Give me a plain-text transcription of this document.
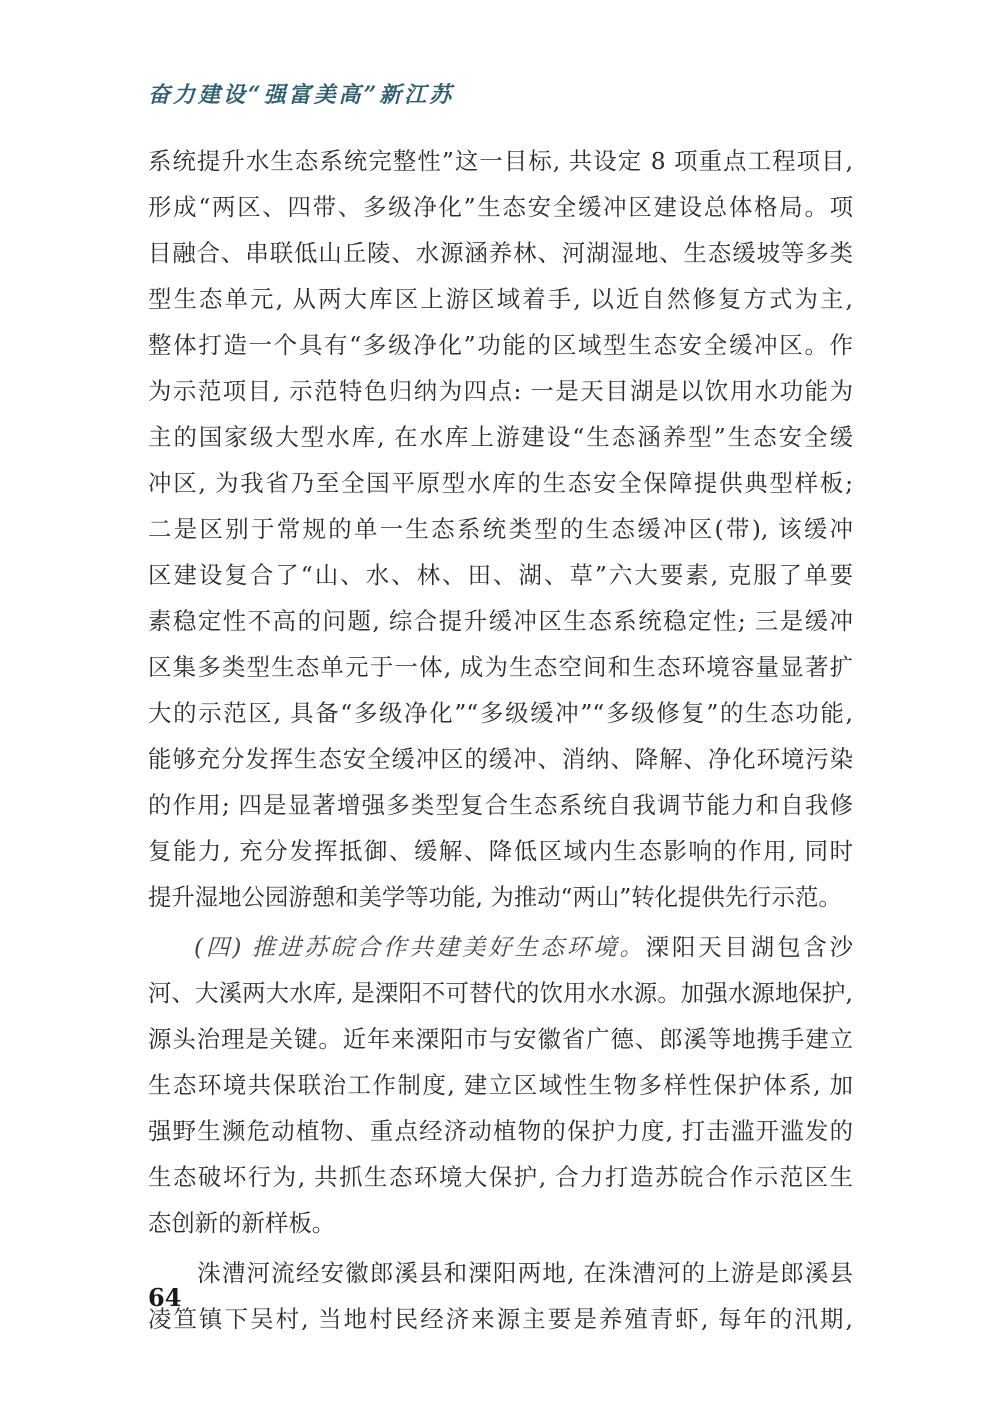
奋力建设“强富美高”新江苏
系统提升水生态系统完整性”这一目标, 共设定 8 项重点工程项目,
形成“两区、四带、多级净化”生态安全缓冲区建设总体格局。项
目融合、串联低山丘陵、水源涵养林、河湖湿地、生态缓坡等多类
型生态单元, 从两大库区上游区域着手, 以近自然修复方式为主,
整体打造一个具有“多级净化”功能的区域型生态安全缓冲区。作
为示范项目, 示范特色归纳为四点: 一是天目湖是以饮用水功能为
主的国家级大型水库, 在水库上游建设“生态涵养型”生态安全缓
冲区, 为我省乃至全国平原型水库的生态安全保障提供典型样板;
二是区别于常规的单一生态系统类型的生态缓冲区(带), 该缓冲
区建设复合了“山、水、林、田、湖、草”六大要素, 克服了单要
素稳定性不高的问题, 综合提升缓冲区生态系统稳定性; 三是缓冲
区集多类型生态单元于一体, 成为生态空间和生态环境容量显著扩
大的示范区, 具备“多级净化”“多级缓冲”“多级修复”的生态功能,
能够充分发挥生态安全缓冲区的缓冲、消纳、降解、净化环境污染
的作用; 四是显著增强多类型复合生态系统自我调节能力和自我修
复能力, 充分发挥抵御、缓解、降低区域内生态影响的作用, 同时
提升湿地公园游憩和美学等功能, 为推动“两山”转化提供先行示范。
(四) 推进苏皖合作共建美好生态环境。溧阳天目湖包含沙
河、大溪两大水库, 是溧阳不可替代的饮用水水源。加强水源地保护,
源头治理是关键。近年来溧阳市与安徽省广德、郎溪等地携手建立
生态环境共保联治工作制度, 建立区域性生物多样性保护体系, 加
强野生濒危动植物、重点经济动植物的保护力度, 打击滥开滥发的
生态破坏行为, 共抓生态环境大保护, 合力打造苏皖合作示范区生
态创新的新样板。
　　洙漕河流经安徽郎溪县和溧阳两地, 在洙漕河的上游是郎溪县
凌笪镇下吴村, 当地村民经济来源主要是养殖青虾, 每年的汛期,
64
